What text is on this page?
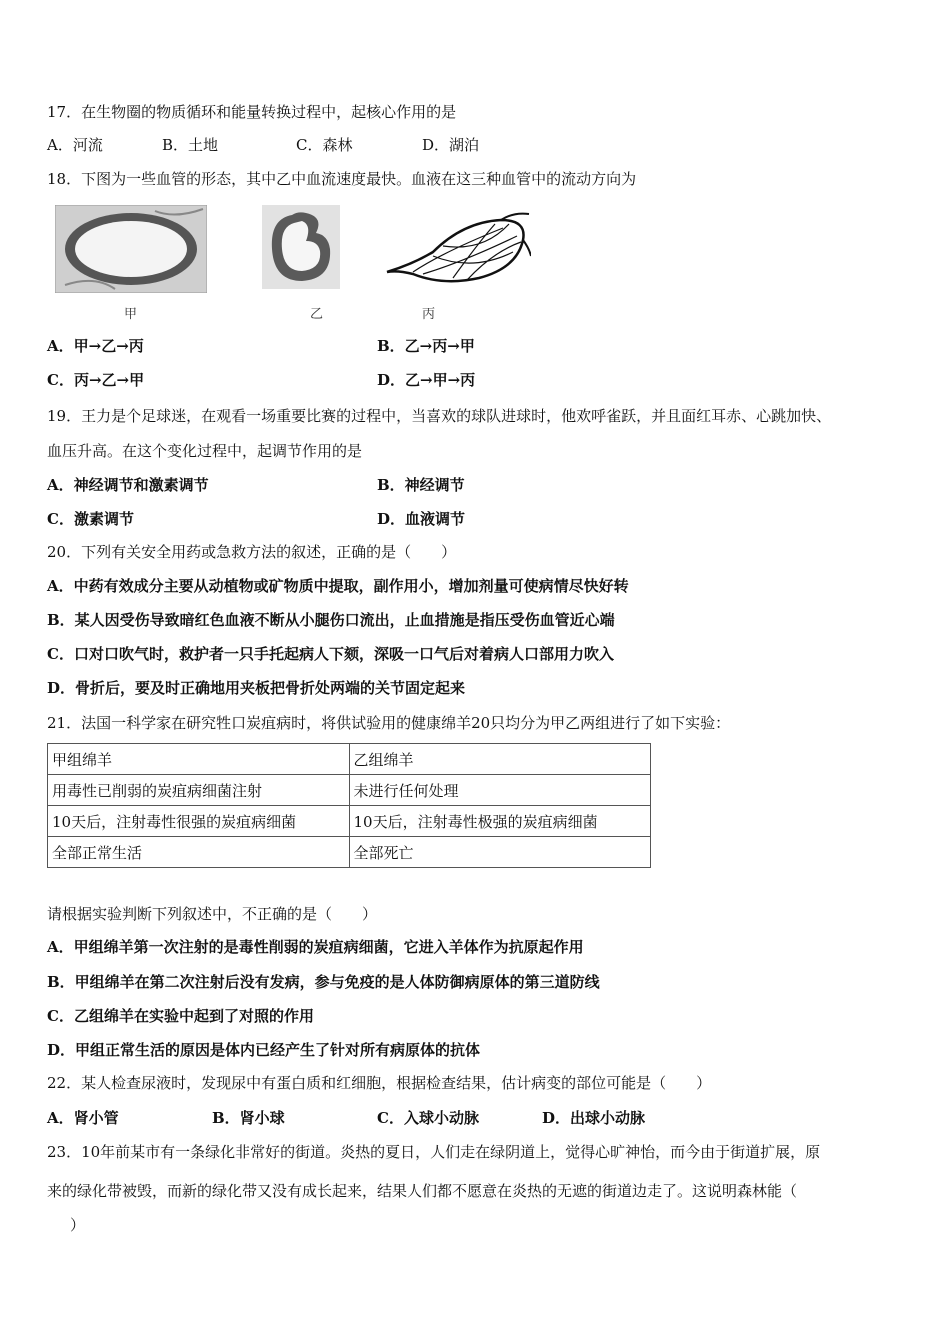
17．在生物圈的物质循环和能量转换过程中，起核心作用的是
A．河流	B．土地	C．森林	D．湖泊
18．下图为一些血管的形态，其中乙中血流速度最快。血液在这三种血管中的流动方向为
甲	乙	丙
A．甲→乙→丙	B．乙→丙→甲
C．丙→乙→甲	D．乙→甲→丙
19．王力是个足球迷，在观看一场重要比赛的过程中，当喜欢的球队进球时，他欢呼雀跃，并且面红耳赤、心跳加快、
血压升高。在这个变化过程中，起调节作用的是
A．神经调节和激素调节	B．神经调节
C．激素调节	D．血液调节
20．下列有关安全用药或急救方法的叙述，正确的是（　　）
A．中药有效成分主要从动植物或矿物质中提取，副作用小，增加剂量可使病情尽快好转
B．某人因受伤导致暗红色血液不断从小腿伤口流出，止血措施是指压受伤血管近心端
C．口对口吹气时，救护者一只手托起病人下颏，深吸一口气后对着病人口部用力吹入
D．骨折后，要及时正确地用夹板把骨折处两端的关节固定起来
21．法国一科学家在研究牲口炭疽病时，将供试验用的健康绵羊20只均分为甲乙两组进行了如下实验：
甲组绵羊	乙组绵羊
用毒性已削弱的炭疽病细菌注射	未进行任何处理
10天后，注射毒性很强的炭疽病细菌	10天后，注射毒性极强的炭疽病细菌
全部正常生活	全部死亡
请根据实验判断下列叙述中，不正确的是（　　）
A．甲组绵羊第一次注射的是毒性削弱的炭疽病细菌，它进入羊体作为抗原起作用
B．甲组绵羊在第二次注射后没有发病，参与免疫的是人体防御病原体的第三道防线
C．乙组绵羊在实验中起到了对照的作用
D．甲组正常生活的原因是体内已经产生了针对所有病原体的抗体
22．某人检查尿液时，发现尿中有蛋白质和红细胞，根据检查结果，估计病变的部位可能是（　　）
A．肾小管	B．肾小球	C．入球小动脉	D．出球小动脉
23．10年前某市有一条绿化非常好的街道。炎热的夏日，人们走在绿阴道上，觉得心旷神怡，而今由于街道扩展，原
来的绿化带被毁，而新的绿化带又没有成长起来，结果人们都不愿意在炎热的无遮的街道边走了。这说明森林能（
）
